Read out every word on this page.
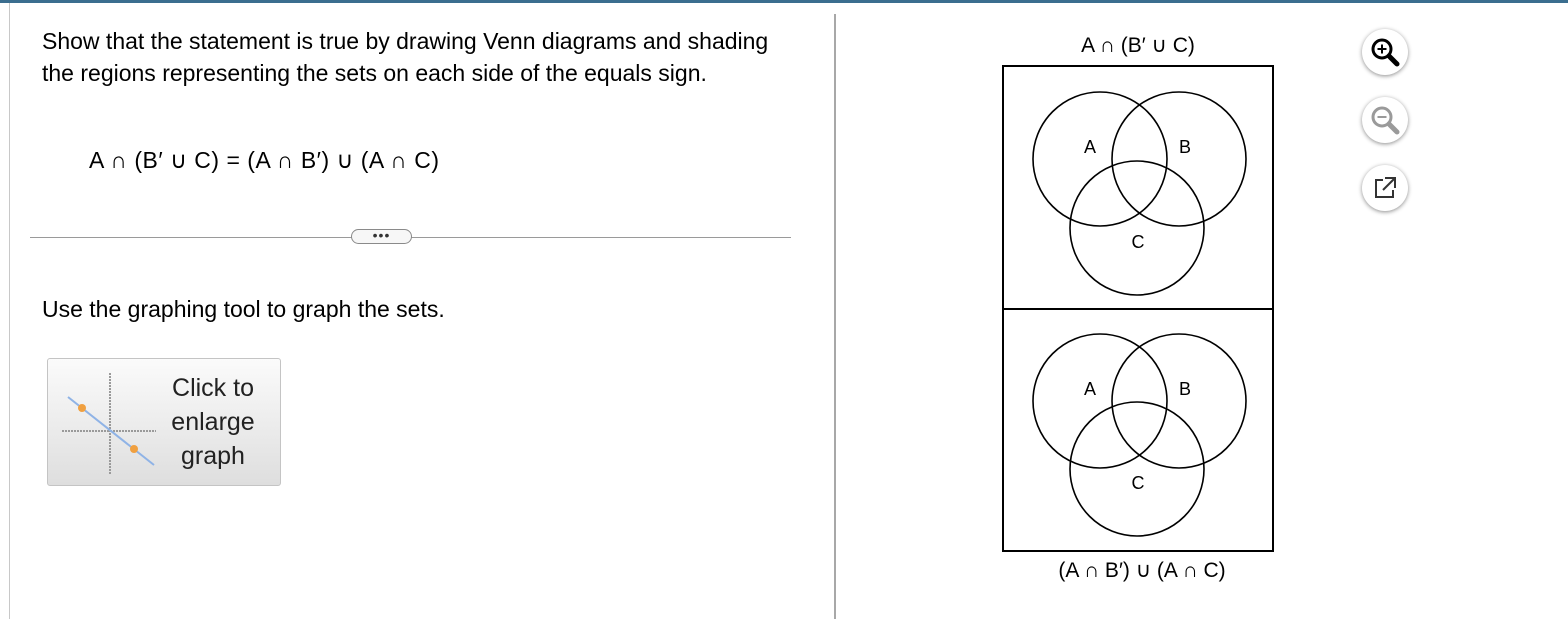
Show that the statement is true by drawing Venn diagrams and shading the regions representing the sets on each side of the equals sign.
A ∩ (B′ ∪ C) = (A ∩ B′) ∪ (A ∩ C)
•••
Use the graphing tool to graph the sets.
Click to enlarge graph
A ∩ (B′ ∪ C)
A	B
C
A	B
C
(A ∩ B′) ∪ (A ∩ C)
